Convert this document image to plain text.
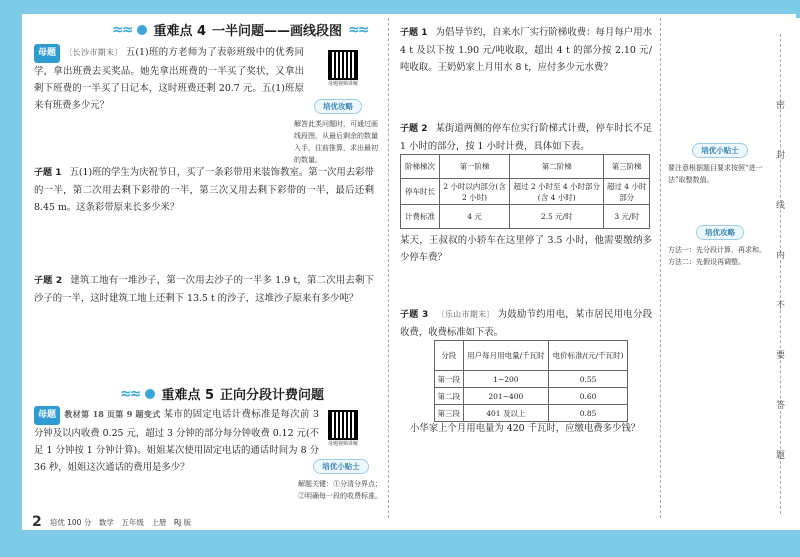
≈≈ 重难点 4 一半问题——画线段图 ≈≈
母题 〔长沙市期末〕 五(1)班的方老师为了表彰班级中的优秀同学，拿出班费去买奖品。她先拿出班费的一半买了奖状，又拿出剩下班费的一半买了日记本，这时班费还剩 20.7 元。五(1)班原来有班费多少元？
母题视频讲解
培优攻略
解答此类问题时，可通过画线段图，从最后剩余的数量入手，往前推算，求出最初的数量。
子题 1 五(1)班的学生为庆祝节日，买了一条彩带用来装饰教室。第一次用去彩带的一半，第二次用去剩下彩带的一半，第三次又用去剩下彩带的一半，最后还剩 8.45 m。这条彩带原来长多少米？
子题 2 建筑工地有一堆沙子，第一次用去沙子的一半多 1.9 t，第二次用去剩下沙子的一半，这时建筑工地上还剩下 13.5 t 的沙子，这堆沙子原来有多少吨？
≈≈ 重难点 5 正向分段计费问题
母题 教材第 18 页第 9 题变式 某市的固定电话计费标准是每次前 3 分钟及以内收费 0.25 元，超过 3 分钟的部分每分钟收费 0.12 元(不足 1 分钟按 1 分钟计算)。姐姐某次使用固定电话的通话时间为 8 分 36 秒，姐姐这次通话的费用是多少？
母题视频讲解
培优小贴士
解题关键：①分清分界点；②明确每一段的收费标准。
子题 1 为倡导节约，自来水厂实行阶梯收费：每月每户用水 4 t 及以下按 1.90 元/吨收取，超出 4 t 的部分按 2.10 元/吨收取。王奶奶家上月用水 8 t，应付多少元水费？
子题 2 某街道两侧的停车位实行阶梯式计费，停车时长不足 1 小时的部分，按 1 小时计费，具体如下表。
阶梯梯次	第一阶梯	第二阶梯	第三阶梯
停车时长	2 小时以内部分(含 2 小时)	超过 2 小时至 4 小时部分(含 4 小时)	超过 4 小时部分
计费标准	4 元	2.5 元/时	3 元/时
某天，王叔叔的小轿车在这里停了 3.5 小时，他需要缴纳多少停车费？
子题 3 〔乐山市期末〕 为鼓励节约用电，某市居民用电分段收费，收费标准如下表。
分段	用户每月用电量/千瓦时	电价标准/(元/千瓦时)
第一段	1~200	0.55
第二段	201~400	0.60
第三段	401 及以上	0.85
小华家上个月用电量为 420 千瓦时，应缴电费多少钱？
培优小贴士
要注意根据题目要求按照“进一法”取整数值。
培优攻略
方法一：先分段计算，再求和。方法二：先假设再调整。
密
封
线
内
不
要
答
题
2 培优 100 分　数学　五年级　上册　RJ 版
